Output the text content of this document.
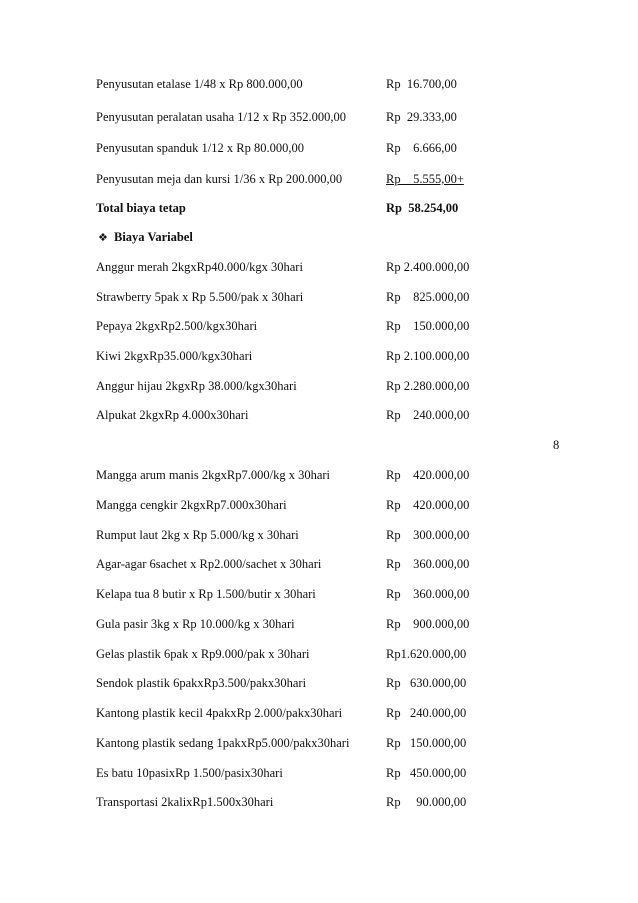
Penyusutan etalase 1/48 x Rp 800.000,00	Rp  16.700,00
Penyusutan peralatan usaha 1/12 x Rp 352.000,00	Rp  29.333,00
Penyusutan spanduk 1/12 x Rp 80.000,00	Rp    6.666,00
Penyusutan meja dan kursi 1/36 x Rp 200.000,00	Rp    5.555,00+
Total biaya tetap	Rp  58.254,00
❖ Biaya Variabel
Anggur merah 2kgxRp40.000/kgx 30hari	Rp 2.400.000,00
Strawberry 5pak x Rp 5.500/pak x 30hari	Rp    825.000,00
Pepaya 2kgxRp2.500/kgx30hari	Rp    150.000,00
Kiwi 2kgxRp35.000/kgx30hari	Rp 2.100.000,00
Anggur hijau 2kgxRp 38.000/kgx30hari	Rp 2.280.000,00
Alpukat 2kgxRp 4.000x30hari	Rp    240.000,00
8
Mangga arum manis 2kgxRp7.000/kg x 30hari	Rp    420.000,00
Mangga cengkir 2kgxRp7.000x30hari	Rp    420.000,00
Rumput laut 2kg x Rp 5.000/kg x 30hari	Rp    300.000,00
Agar-agar 6sachet x Rp2.000/sachet x 30hari	Rp    360.000,00
Kelapa tua 8 butir x Rp 1.500/butir x 30hari	Rp    360.000,00
Gula pasir 3kg x Rp 10.000/kg x 30hari	Rp    900.000,00
Gelas plastik 6pak x Rp9.000/pak x 30hari	Rp1.620.000,00
Sendok plastik 6pakxRp3.500/pakx30hari	Rp   630.000,00
Kantong plastik kecil 4pakxRp 2.000/pakx30hari	Rp   240.000,00
Kantong plastik sedang 1pakxRp5.000/pakx30hari	Rp   150.000,00
Es batu 10pasixRp 1.500/pasix30hari	Rp   450.000,00
Transportasi 2kalixRp1.500x30hari	Rp     90.000,00
